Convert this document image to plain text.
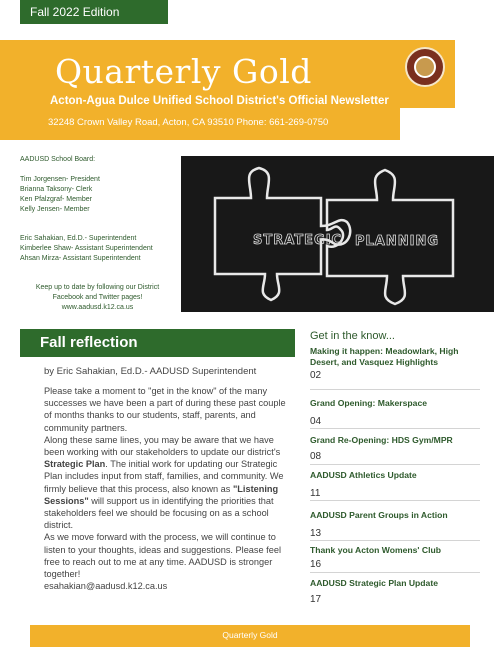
Fall 2022 Edition
Quarterly Gold
Acton-Agua Dulce Unified School District's Official Newsletter
32248 Crown Valley Road, Acton, CA 93510 Phone: 661-269-0750
AADUSD School Board:
Tim Jorgensen- President
Brianna Taksony- Clerk
Ken Pfalzgraf- Member
Kelly Jensen- Member
Eric Sahakian, Ed.D.- Superintendent
Kimberlee Shaw- Assistant Superintendent
Ahsan Mirza- Assistant Superintendent
Keep up to date by following our District Facebook and Twitter pages! www.aadusd.k12.ca.us
STRATEGIC PLANNING
Fall reflection
by Eric Sahakian, Ed.D.- AADUSD Superintendent

Please take a moment to "get in the know" of the many successes we have been a part of during these past couple of months thanks to our students, staff, parents, and community partners.

Along these same lines, you may be aware that we have been working with our stakeholders to update our district's Strategic Plan. The initial work for updating our Strategic Plan includes input from staff, families, and community. We firmly believe that this process, also known as "Listening Sessions" will support us in identifying the priorities that stakeholders feel we should be focusing on as a school district.

As we move forward with the process, we will continue to listen to your thoughts, ideas and suggestions. Please feel free to reach out to me at any time. AADUSD is stronger together!

esahakian@aadusd.k12.ca.us

Get in the know...
Making it happen: Meadowlark, High Desert, and Vasquez Highlights
02
Grand Opening: Makerspace
04
Grand Re-Opening: HDS Gym/MPR
08
AADUSD Athletics Update
11
AADUSD Parent Groups in Action
13
Thank you Acton Womens' Club
16
AADUSD Strategic Plan Update
17
Quarterly Gold
